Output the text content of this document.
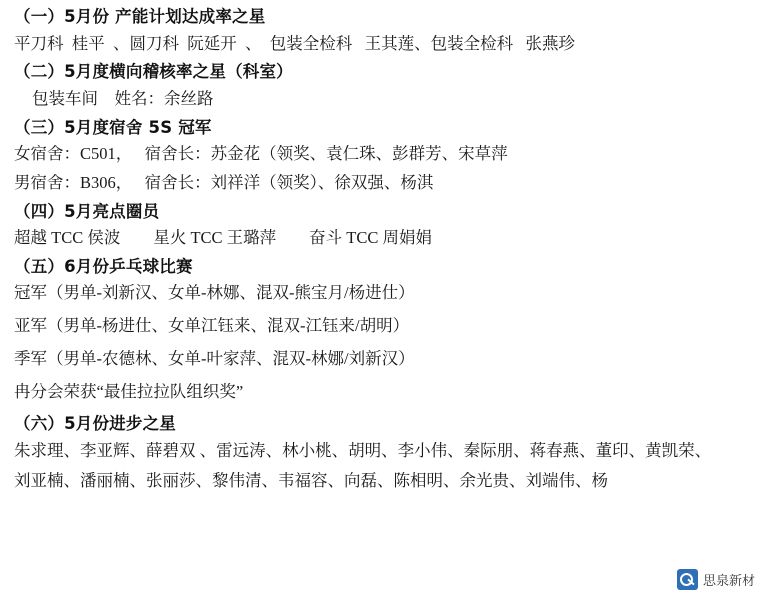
（一）5月份 产能计划达成率之星
平刀科  桂平  、圆刀科  阮延开  、  包装全检科   王其莲、包装全检科   张燕珍
（二）5月度横向稽核率之星（科室）
包装车间    姓名：余丝路
（三）5月度宿舍 5S 冠军
女宿舍：C501，   宿舍长：苏金花（领奖、袁仁珠、彭群芳、宋草萍
男宿舍：B306，   宿舍长：刘祥洋（领奖）、徐双强、杨淇
（四）5月亮点圈员
超越 TCC 侯波        星火 TCC 王璐萍        奋斗 TCC 周娟娟
（五）6月份乒乓球比赛
冠军（男单-刘新汉、女单-林娜、混双-熊宝月/杨进仕）
亚军（男单-杨进仕、女单江钰来、混双-江钰来/胡明）
季军（男单-农德林、女单-叶家萍、混双-林娜/刘新汉）
冉分会荣获“最佳拉拉队组织奖”
（六）5月份进步之星
朱求理、李亚辉、薛碧双 、雷远涛、林小桃、胡明、李小伟、秦际朋、蒋春燕、董印、黄凯荣、
刘亚楠、潘丽楠、张丽莎、黎伟清、韦福容、向磊、陈相明、余光贵、刘端伟、杨
思泉新材
